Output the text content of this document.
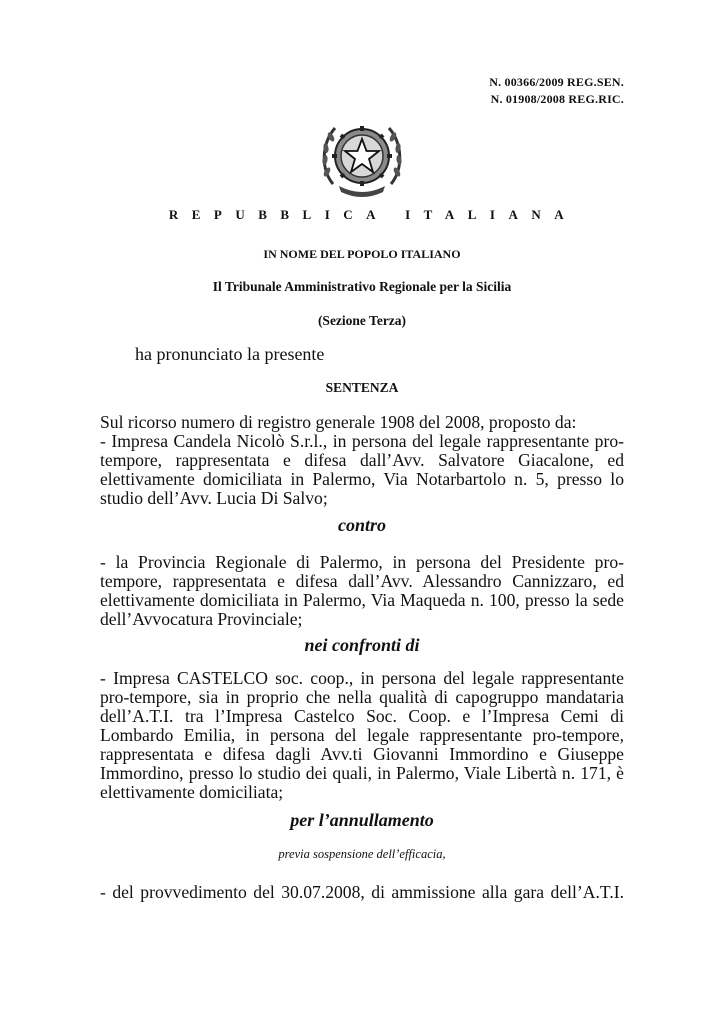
N. 00366/2009 REG.SEN.
N. 01908/2008 REG.RIC.
REPUBBLICA ITALIANA
IN NOME DEL POPOLO ITALIANO
Il Tribunale Amministrativo Regionale per la Sicilia
(Sezione Terza)
ha pronunciato la presente
SENTENZA
Sul ricorso numero di registro generale 1908 del 2008, proposto da:
- Impresa Candela Nicolò S.r.l., in persona del legale rappresentante pro-
tempore, rappresentata e difesa dall’Avv. Salvatore Giacalone, ed
elettivamente domiciliata in Palermo, Via Notarbartolo n. 5, presso lo
studio dell’Avv. Lucia Di Salvo;
contro
- la Provincia Regionale di Palermo, in persona del Presidente pro-
tempore, rappresentata e difesa dall’Avv. Alessandro Cannizzaro, ed
elettivamente domiciliata in Palermo, Via Maqueda n. 100, presso la sede
dell’Avvocatura Provinciale;
nei confronti di
- Impresa CASTELCO soc. coop., in persona del legale rappresentante
pro-tempore, sia in proprio che nella qualità di capogruppo mandataria
dell’A.T.I. tra l’Impresa Castelco Soc. Coop. e l’Impresa Cemi di
Lombardo Emilia, in persona del legale rappresentante pro-tempore,
rappresentata e difesa dagli Avv.ti Giovanni Immordino e Giuseppe
Immordino, presso lo studio dei quali, in Palermo, Viale Libertà n. 171, è
elettivamente domiciliata;
per l’annullamento
previa sospensione dell’efficacia,
- del provvedimento del 30.07.2008, di ammissione alla gara dell’A.T.I.
